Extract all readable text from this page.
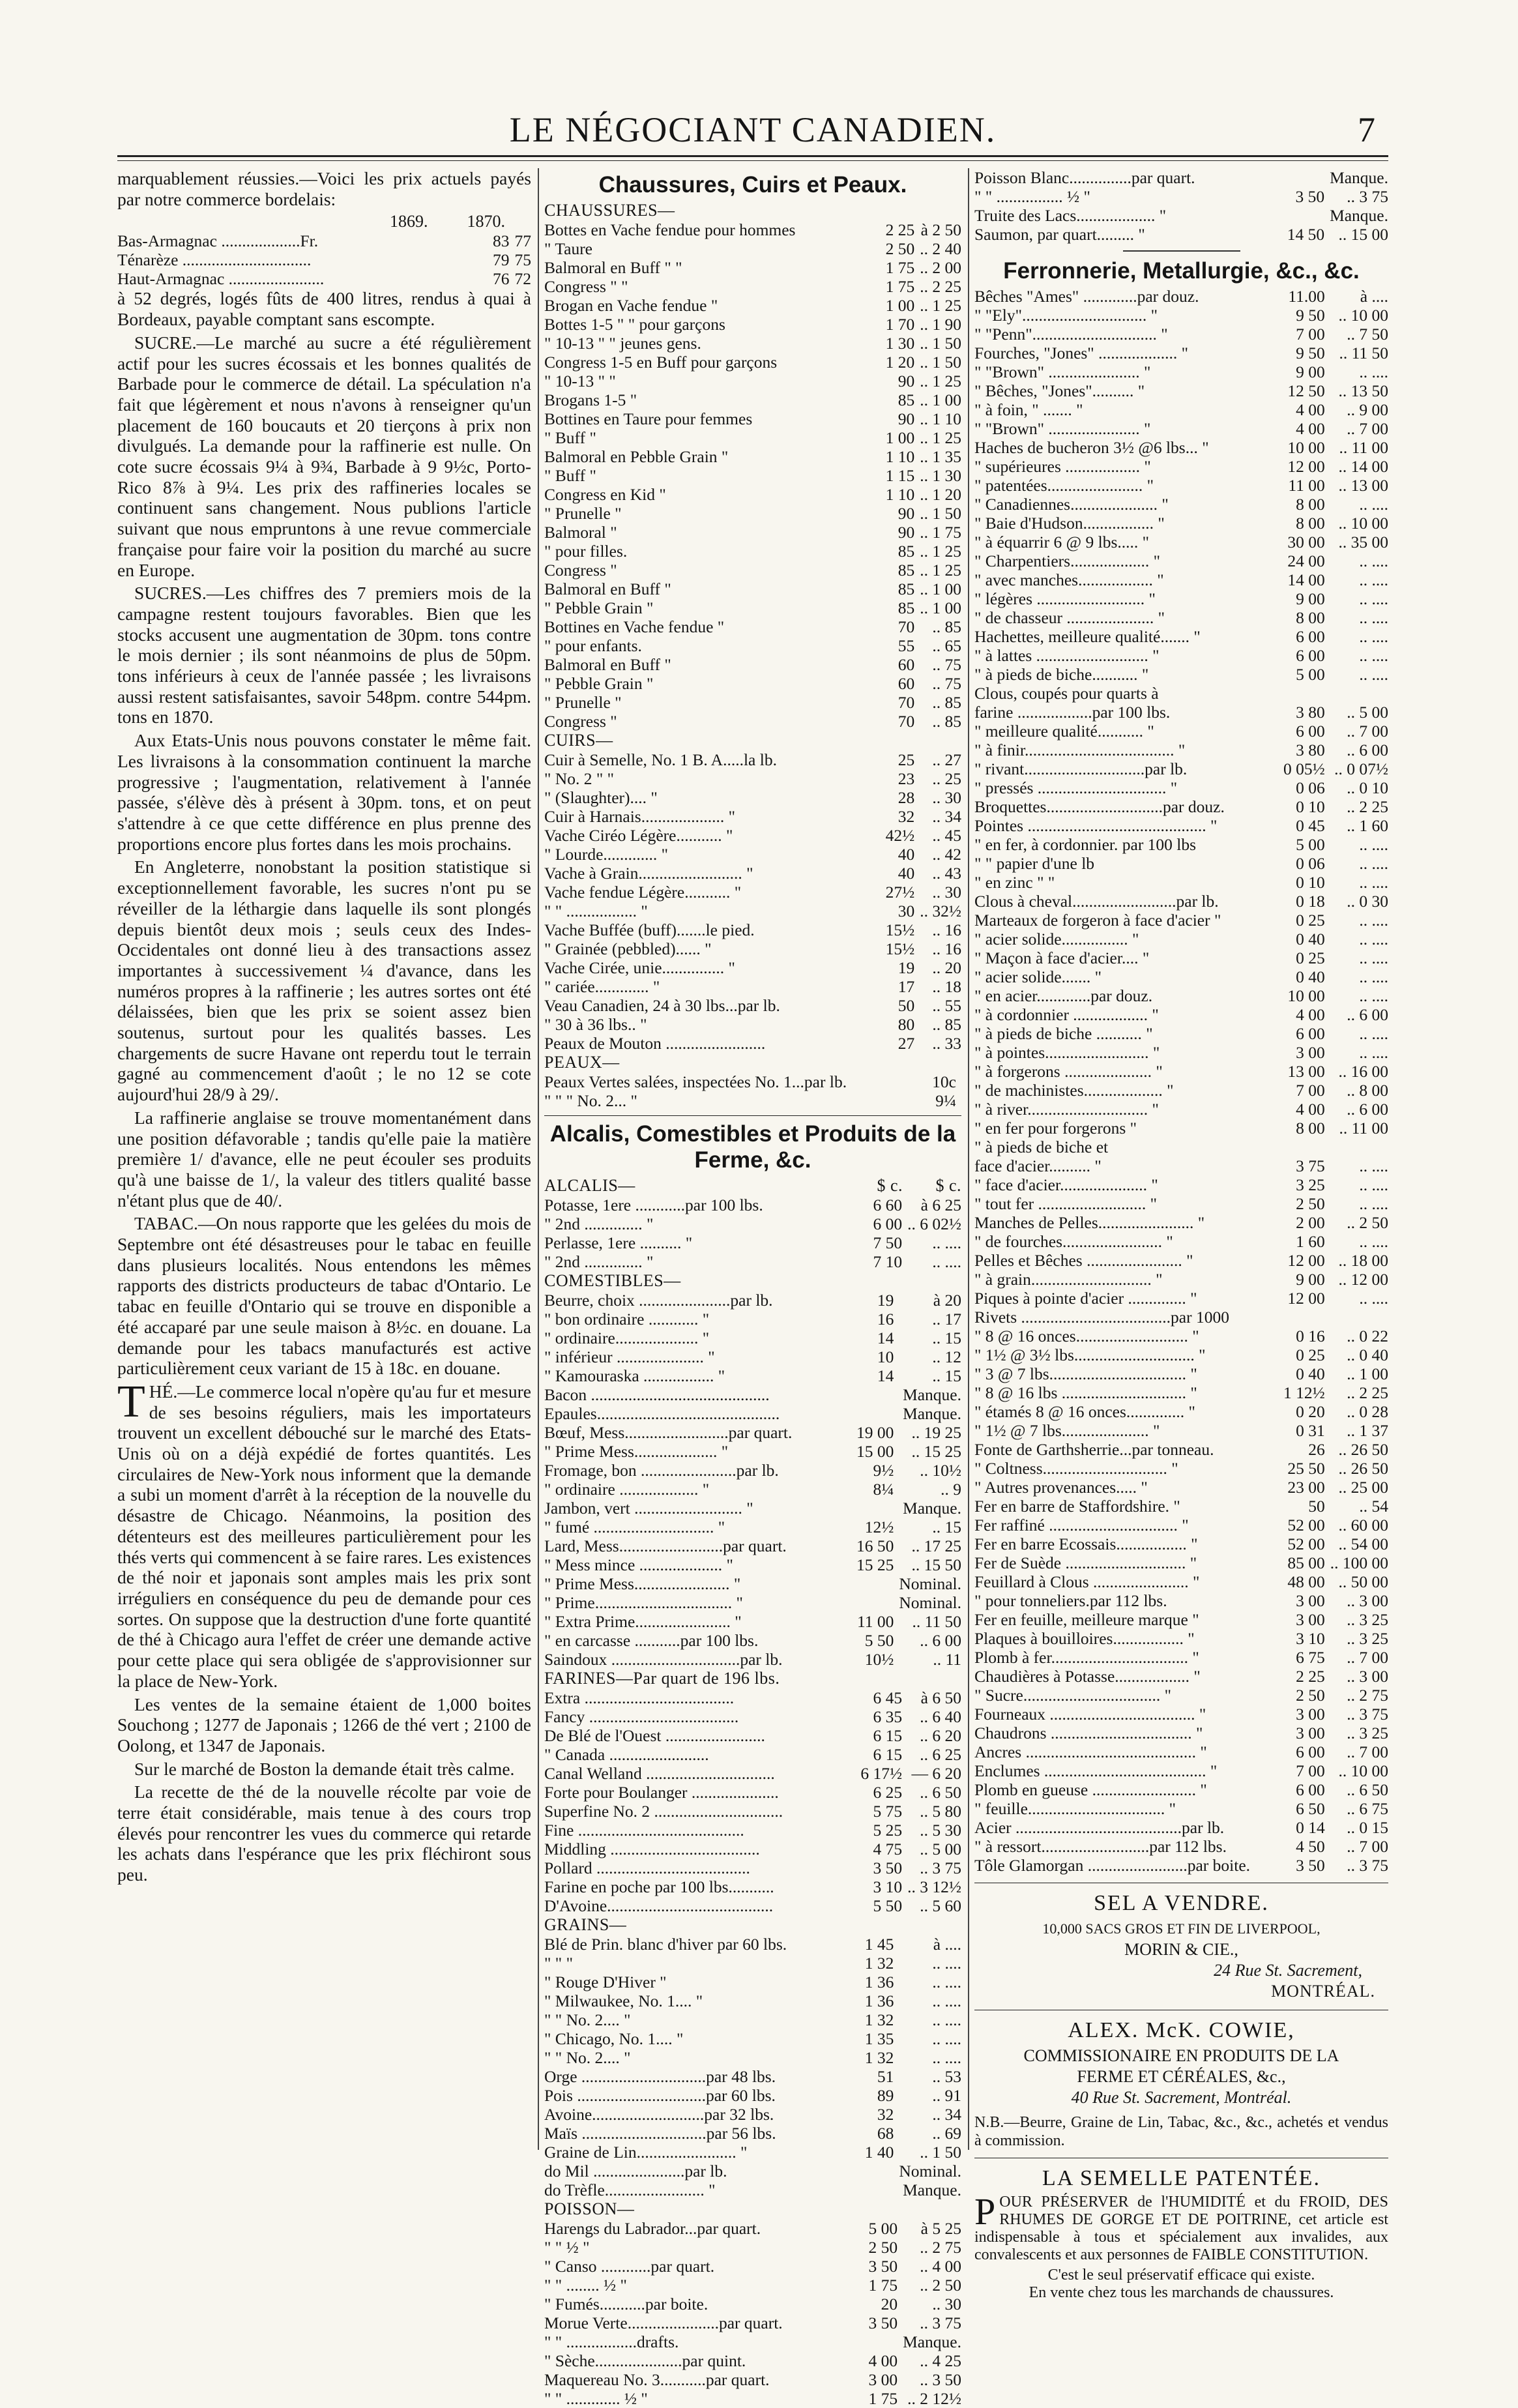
LE NÉGOCIANT CANADIEN.	7

marquablement réussies.—Voici les prix actuels payés par notre commerce bordelais:

1869. 1870.
Bas-Armagnac ...................Fr.	83	77
Ténarèze ...............................	79	75
Haut-Armagnac .......................	76	72

à 52 degrés, logés fûts de 400 litres, rendus à quai à Bordeaux, payable comptant sans escompte.

SUCRE.—Le marché au sucre a été régulièrement actif pour les sucres écossais et les bonnes qualités de Barbade pour le commerce de détail. La spéculation n'a fait que légèrement et nous n'avons à renseigner qu'un placement de 160 boucauts et 20 tierçons à prix non divulgués. La demande pour la raffinerie est nulle. On cote sucre écossais 9¼ à 9¾, Barbade à 9 9½c, Porto-Rico 8⅞ à 9¼. Les prix des raffineries locales se continuent sans changement. Nous publions l'article suivant que nous empruntons à une revue commerciale française pour faire voir la position du marché au sucre en Europe.

SUCRES.—Les chiffres des 7 premiers mois de la campagne restent toujours favorables. Bien que les stocks accusent une augmentation de 30pm. tons contre le mois dernier ; ils sont néanmoins de plus de 50pm. tons inférieurs à ceux de l'année passée ; les livraisons aussi restent satisfaisantes, savoir 548pm. contre 544pm. tons en 1870.

Aux Etats-Unis nous pouvons constater le même fait. Les livraisons à la consommation continuent la marche progressive ; l'augmentation, relativement à l'année passée, s'élève dès à présent à 30pm. tons, et on peut s'attendre à ce que cette différence en plus prenne des proportions encore plus fortes dans les mois prochains.

En Angleterre, nonobstant la position statistique si exceptionnellement favorable, les sucres n'ont pu se réveiller de la léthargie dans laquelle ils sont plongés depuis bientôt deux mois ; seuls ceux des Indes-Occidentales ont donné lieu à des transactions assez importantes à successivement ¼ d'avance, dans les numéros propres à la raffinerie ; les autres sortes ont été délaissées, bien que les prix se soient assez bien soutenus, surtout pour les qualités basses. Les chargements de sucre Havane ont reperdu tout le terrain gagné au commencement d'août ; le no 12 se cote aujourd'hui 28/9 à 29/.

La raffinerie anglaise se trouve momentanément dans une position défavorable ; tandis qu'elle paie la matière première 1/ d'avance, elle ne peut écouler ses produits qu'à une baisse de 1/, la valeur des titlers qualité basse n'étant plus que de 40/.

TABAC.—On nous rapporte que les gelées du mois de Septembre ont été désastreuses pour le tabac en feuille dans plusieurs localités. Nous entendons les mêmes rapports des districts producteurs de tabac d'Ontario. Le tabac en feuille d'Ontario qui se trouve en disponible a été accaparé par une seule maison à 8½c. en douane. La demande pour les tabacs manufacturés est active particulièrement ceux variant de 15 à 18c. en douane.

THÉ.—Le commerce local n'opère qu'au fur et mesure de ses besoins réguliers, mais les importateurs trouvent un excellent débouché sur le marché des Etats-Unis où on a déjà expédié de fortes quantités. Les circulaires de New-York nous informent que la demande a subi un moment d'arrêt à la réception de la nouvelle du désastre de Chicago. Néanmoins, la position des détenteurs est des meilleures particulièrement pour les thés verts qui commencent à se faire rares. Les existences de thé noir et japonais sont amples mais les prix sont irréguliers en conséquence du peu de demande pour ces sortes. On suppose que la destruction d'une forte quantité de thé à Chicago aura l'effet de créer une demande active pour cette place qui sera obligée de s'approvisionner sur la place de New-York.

Les ventes de la semaine étaient de 1,000 boites Souchong ; 1277 de Japonais ; 1266 de thé vert ; 2100 de Oolong, et 1347 de Japonais.

Sur le marché de Boston la demande était très calme.

La recette de thé de la nouvelle récolte par voie de terre était considérable, mais tenue à des cours trop élevés pour rencontrer les vues du commerce qui retarde les achats dans l'espérance que les prix fléchiront sous peu.

Chaussures, Cuirs et Peaux.
CHAUSSURES—
Bottes en Vache fendue pour hommes	2 25	à 2 50
" Taure	2 50	.. 2 40
Balmoral en Buff " "	1 75	.. 2 00
Congress " "	1 75	.. 2 25
Brogan en Vache fendue "	1 00	.. 1 25
Bottes 1-5 " " pour garçons	1 70	.. 1 90
" 10-13 " " jeunes gens.	1 30	.. 1 50
Congress 1-5 en Buff pour garçons	1 20	.. 1 50
" 10-13 " "	90	.. 1 25
Brogans 1-5 "	85	.. 1 00
Bottines en Taure pour femmes	90	.. 1 10
" Buff "	1 00	.. 1 25
Balmoral en Pebble Grain "	1 10	.. 1 35
" Buff "	1 15	.. 1 30
Congress en Kid "	1 10	.. 1 20
" Prunelle "	90	.. 1 50
Balmoral "	90	.. 1 75
" pour filles.	85	.. 1 25
Congress "	85	.. 1 25
Balmoral en Buff "	85	.. 1 00
" Pebble Grain "	85	.. 1 00
Bottines en Vache fendue "	70	.. 85
" pour enfants.	55	.. 65
Balmoral en Buff "	60	.. 75
" Pebble Grain "	60	.. 75
" Prunelle "	70	.. 85
Congress "	70	.. 85
CUIRS—
Cuir à Semelle, No. 1 B. A.....la lb.	25	.. 27
" No. 2 " "	23	.. 25
" (Slaughter).... "	28	.. 30
Cuir à Harnais.................... "	32	.. 34
Vache Ciréo Légère........... "	42½	.. 45
" Lourde............. "	40	.. 42
Vache à Grain......................... "	40	.. 43
Vache fendue Légère........... "	27½	.. 30
" " ................. "	30	.. 32½
Vache Buffée (buff).......le pied.	15½	.. 16
" Grainée (pebbled)...... "	15½	.. 16
Vache Cirée, unie............... "	19	.. 20
" cariée............. "	17	.. 18
Veau Canadien, 24 à 30 lbs...par lb.	50	.. 55
" 30 à 36 lbs.. "	80	.. 85
Peaux de Mouton ........................	27	.. 33
PEAUX—
Peaux Vertes salées, inspectées No. 1...par lb.	10c	
" " " No. 2... "	9¼	
Alcalis, Comestibles et Produits de la Ferme, &c.
ALCALIS—	$ c.	$ c.
Potasse, 1ere ............par 100 lbs.	6 60	à 6 25
" 2nd .............. "	6 00	.. 6 02½
Perlasse, 1ere .......... "	7 50	.. ....
" 2nd .............. "	7 10	.. ....
COMESTIBLES—
Beurre, choix ......................par lb.	19	à 20
" bon ordinaire ............ "	16	.. 17
" ordinaire.................... "	14	.. 15
" inférieur ..................... "	10	.. 12
" Kamouraska ................. "	14	.. 15
Bacon ...........................................		Manque.
Epaules............................................		Manque.
Bœuf, Mess.........................par quart.	19 00	.. 19 25
" Prime Mess.................... "	15 00	.. 15 25
Fromage, bon .......................par lb.	9½	.. 10½
" ordinaire ................... "	8¼	.. 9
Jambon, vert .......................... "		Manque.
" fumé ............................. "	12½	.. 15
Lard, Mess.........................par quart.	16 50	.. 17 25
" Mess mince .................... "	15 25	.. 15 50
" Prime Mess....................... "		Nominal.
" Prime................................. "		Nominal.
" Extra Prime....................... "	11 00	.. 11 50
" en carcasse ...........par 100 lbs.	5 50	.. 6 00
Saindoux ...............................par lb.	10½	.. 11
FARINES—Par quart de 196 lbs.
Extra ....................................	6 45	à 6 50
Fancy ....................................	6 35	.. 6 40
De Blé de l'Ouest ........................	6 15	.. 6 20
" Canada ........................	6 15	.. 6 25
Canal Welland ...............................	6 17½	— 6 20
Forte pour Boulanger .....................	6 25	.. 6 50
Superfine No. 2 ...............................	5 75	.. 5 80
Fine ........................................	5 25	.. 5 30
Middling ....................................	4 75	.. 5 00
Pollard .....................................	3 50	.. 3 75
Farine en poche par 100 lbs...........	3 10	.. 3 12½
D'Avoine........................................	5 50	.. 5 60
GRAINS—
Blé de Prin. blanc d'hiver par 60 lbs.	1 45	à ....
" " "	1 32	.. ....
" Rouge D'Hiver "	1 36	.. ....
" Milwaukee, No. 1.... "	1 36	.. ....
" " No. 2.... "	1 32	.. ....
" Chicago, No. 1.... "	1 35	.. ....
" " No. 2.... "	1 32	.. ....
Orge ..............................par 48 lbs.	51	.. 53
Pois ...............................par 60 lbs.	89	.. 91
Avoine...........................par 32 lbs.	32	.. 34
Maïs ..............................par 56 lbs.	68	.. 69
Graine de Lin........................ "	1 40	.. 1 50
do Mil ......................par lb.		Nominal.
do Trèfle........................ "		Manque.
POISSON—
Harengs du Labrador...par quart.	5 00	à 5 25
" " ½ "	2 50	.. 2 75
" Canso ............par quart.	3 50	.. 4 00
" " ........ ½ "	1 75	.. 2 50
" Fumés...........par boite.	20	.. 30
Morue Verte......................par quart.	3 50	.. 3 75
" " .................drafts.		Manque.
" Sèche.....................par quint.	4 00	.. 4 25
Maquereau No. 3...........par quart.	3 00	.. 3 50
" " ............. ½ "	1 75	.. 2 12½
Poisson Blanc...............par quart.		Manque.
" " ................ ½ "	3 50	.. 3 75
Truite des Lacs................... "		Manque.
Saumon, par quart......... "	14 50	.. 15 00
Ferronnerie, Metallurgie, &c., &c.
Bêches "Ames" .............par douz.	11.00	à ....
" "Ely".............................. "	9 50	.. 10 00
" "Penn".............................. "	7 00	.. 7 50
Fourches, "Jones" ................... "	9 50	.. 11 50
" "Brown" ...................... "	9 00	.. ....
" Bêches, "Jones".......... "	12 50	.. 13 50
" à foin, " ....... "	4 00	.. 9 00
" "Brown" ...................... "	4 00	.. 7 00
Haches de bucheron 3½ @6 lbs... "	10 00	.. 11 00
" supérieures .................. "	12 00	.. 14 00
" patentées....................... "	11 00	.. 13 00
" Canadiennes..................... "	8 00	.. ....
" Baie d'Hudson................. "	8 00	.. 10 00
" à équarrir 6 @ 9 lbs..... "	30 00	.. 35 00
" Charpentiers................... "	24 00	.. ....
" avec manches.................. "	14 00	.. ....
" légères .......................... "	9 00	.. ....
" de chasseur ..................... "	8 00	.. ....
Hachettes, meilleure qualité....... "	6 00	.. ....
" à lattes ........................... "	6 00	.. ....
" à pieds de biche........... "	5 00	.. ....
Clous, coupés pour quarts à		
farine ..................par 100 lbs.	3 80	.. 5 00
" meilleure qualité........... "	6 00	.. 7 00
" à finir.................................... "	3 80	.. 6 00
" rivant.............................par lb.	0 05½	.. 0 07½
" pressés ............................... "	0 06	.. 0 10
Broquettes............................par douz.	0 10	.. 2 25
Pointes ........................................... "	0 45	.. 1 60
" en fer, à cordonnier. par 100 lbs	5 00	.. ....
" " papier d'une lb	0 06	.. ....
" en zinc " "	0 10	.. ....
Clous à cheval.........................par lb.	0 18	.. 0 30
Marteaux de forgeron à face d'acier "	0 25	.. ....
" acier solide................ "	0 40	.. ....
" Maçon à face d'acier.... "	0 25	.. ....
" acier solide....... "	0 40	.. ....
" en acier.............par douz.	10 00	.. ....
" à cordonnier .................. "	4 00	.. 6 00
" à pieds de biche ........... "	6 00	.. ....
" à pointes......................... "	3 00	.. ....
" à forgerons ..................... "	13 00	.. 16 00
" de machinistes................... "	7 00	.. 8 00
" à river............................. "	4 00	.. 6 00
" en fer pour forgerons "	8 00	.. 11 00
" à pieds de biche et		
face d'acier.......... "	3 75	.. ....
" face d'acier..................... "	3 25	.. ....
" tout fer .......................... "	2 50	.. ....
Manches de Pelles....................... "	2 00	.. 2 50
" de fourches........................ "	1 60	.. ....
Pelles et Bêches ....................... "	12 00	.. 18 00
" à grain............................. "	9 00	.. 12 00
Piques à pointe d'acier .............. "	12 00	.. ....
Rivets ....................................par 1000		
" 8 @ 16 onces........................... "	0 16	.. 0 22
" 1½ @ 3½ lbs............................. "	0 25	.. 0 40
" 3 @ 7 lbs................................. "	0 40	.. 1 00
" 8 @ 16 lbs .............................. "	1 12½	.. 2 25
" étamés 8 @ 16 onces.............. "	0 20	.. 0 28
" 1½ @ 7 lbs..................... "	0 31	.. 1 37
Fonte de Garthsherrie...par tonneau.	26	.. 26 50
" Coltness.............................. "	25 50	.. 26 50
" Autres provenances..... "	23 00	.. 25 00
Fer en barre de Staffordshire. "	50	.. 54
Fer raffiné ............................... "	52 00	.. 60 00
Fer en barre Ecossais................. "	52 00	.. 54 00
Fer de Suède ............................. "	85 00	.. 100 00
Feuillard à Clous ....................... "	48 00	.. 50 00
" pour tonneliers.par 112 lbs.	3 00	.. 3 00
Fer en feuille, meilleure marque "	3 00	.. 3 25
Plaques à bouilloires................. "	3 10	.. 3 25
Plomb à fer................................. "	6 75	.. 7 00
Chaudières à Potasse.................. "	2 25	.. 3 00
" Sucre................................. "	2 50	.. 2 75
Fourneaux ................................... "	3 00	.. 3 75
Chaudrons .................................. "	3 00	.. 3 25
Ancres ......................................... "	6 00	.. 7 00
Enclumes ....................................... "	7 00	.. 10 00
Plomb en gueuse ......................... "	6 00	.. 6 50
" feuille................................. "	6 50	.. 6 75
Acier ........................................par lb.	0 14	.. 0 15
" à ressort..........................par 112 lbs.	4 50	.. 7 00
Tôle Glamorgan ........................par boite.	3 50	.. 3 75
SEL A VENDRE.
10,000 SACS GROS ET FIN DE LIVERPOOL,
MORIN & CIE.,
24 Rue St. Sacrement,
MONTRÉAL.
ALEX. McK. COWIE,
COMMISSIONAIRE EN PRODUITS DE LA
FERME ET CÉRÉALES, &c.,
40 Rue St. Sacrement, Montréal.
N.B.—Beurre, Graine de Lin, Tabac, &c., &c., achetés et vendus à commission.
LA SEMELLE PATENTÉE.
POUR PRÉSERVER de l'HUMIDITÉ et du FROID, DES RHUMES DE GORGE ET DE POITRINE, cet article est indispensable à tous et spécialement aux invalides, aux convalescents et aux personnes de FAIBLE CONSTITUTION.
C'est le seul préservatif efficace qui existe.
En vente chez tous les marchands de chaussures.
